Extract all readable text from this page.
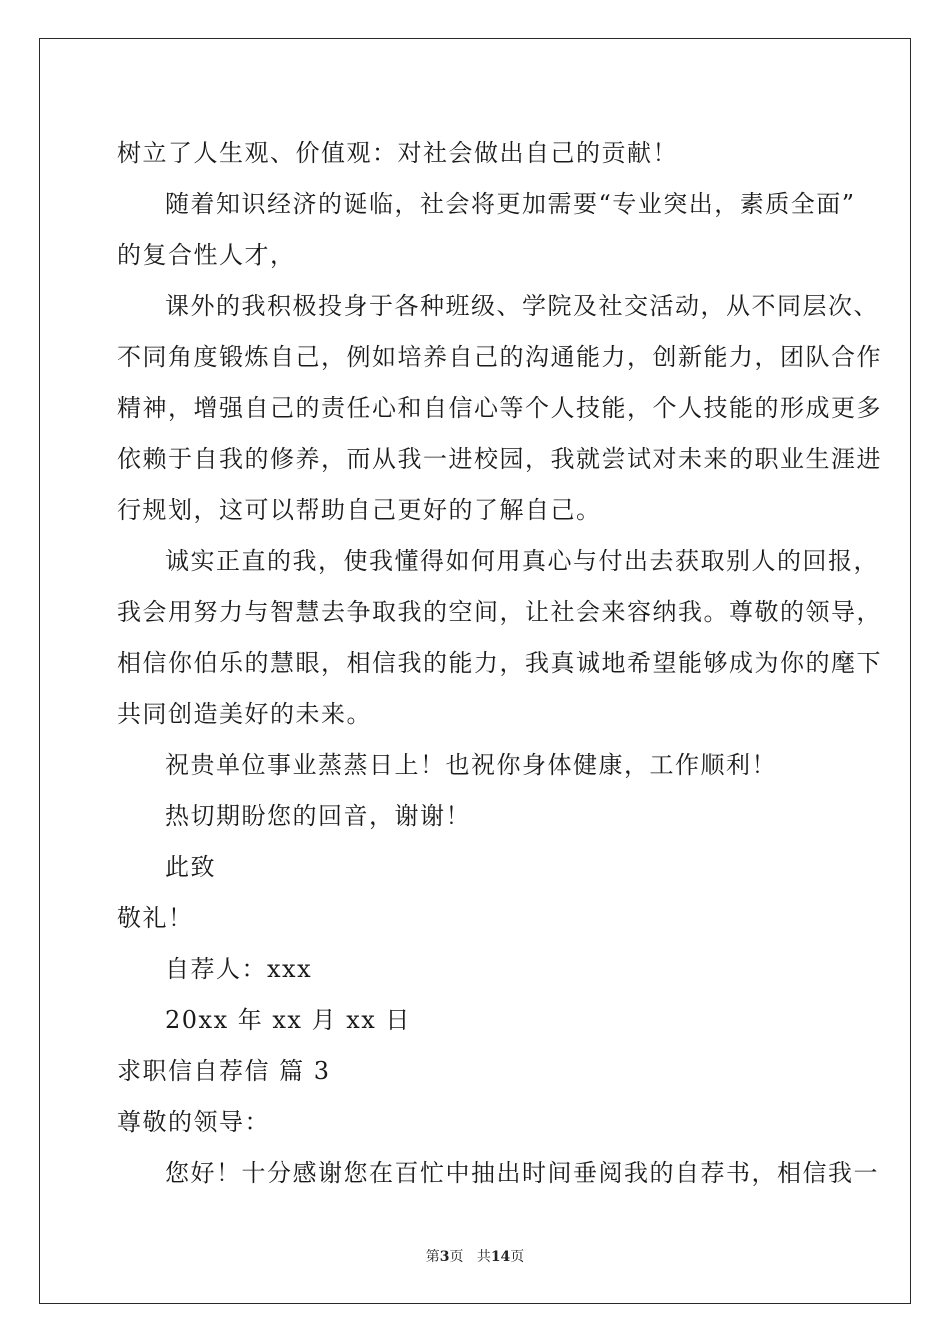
树立了人生观、价值观：对社会做出自己的贡献！
随着知识经济的诞临，社会将更加需要“专业突出，素质全面”
的复合性人才，
课外的我积极投身于各种班级、学院及社交活动，从不同层次、
不同角度锻炼自己，例如培养自己的沟通能力，创新能力，团队合作
精神，增强自己的责任心和自信心等个人技能，个人技能的形成更多
依赖于自我的修养，而从我一进校园，我就尝试对未来的职业生涯进
行规划，这可以帮助自己更好的了解自己。
诚实正直的我，使我懂得如何用真心与付出去获取别人的回报，
我会用努力与智慧去争取我的空间，让社会来容纳我。尊敬的领导，
相信你伯乐的慧眼，相信我的能力，我真诚地希望能够成为你的麾下
共同创造美好的未来。
祝贵单位事业蒸蒸日上！也祝你身体健康，工作顺利！
热切期盼您的回音，谢谢！
此致
敬礼！
自荐人：xxx
20xx 年 xx 月 xx 日
求职信自荐信 篇 3
尊敬的领导：
您好！十分感谢您在百忙中抽出时间垂阅我的自荐书，相信我一
第3页 共14页
